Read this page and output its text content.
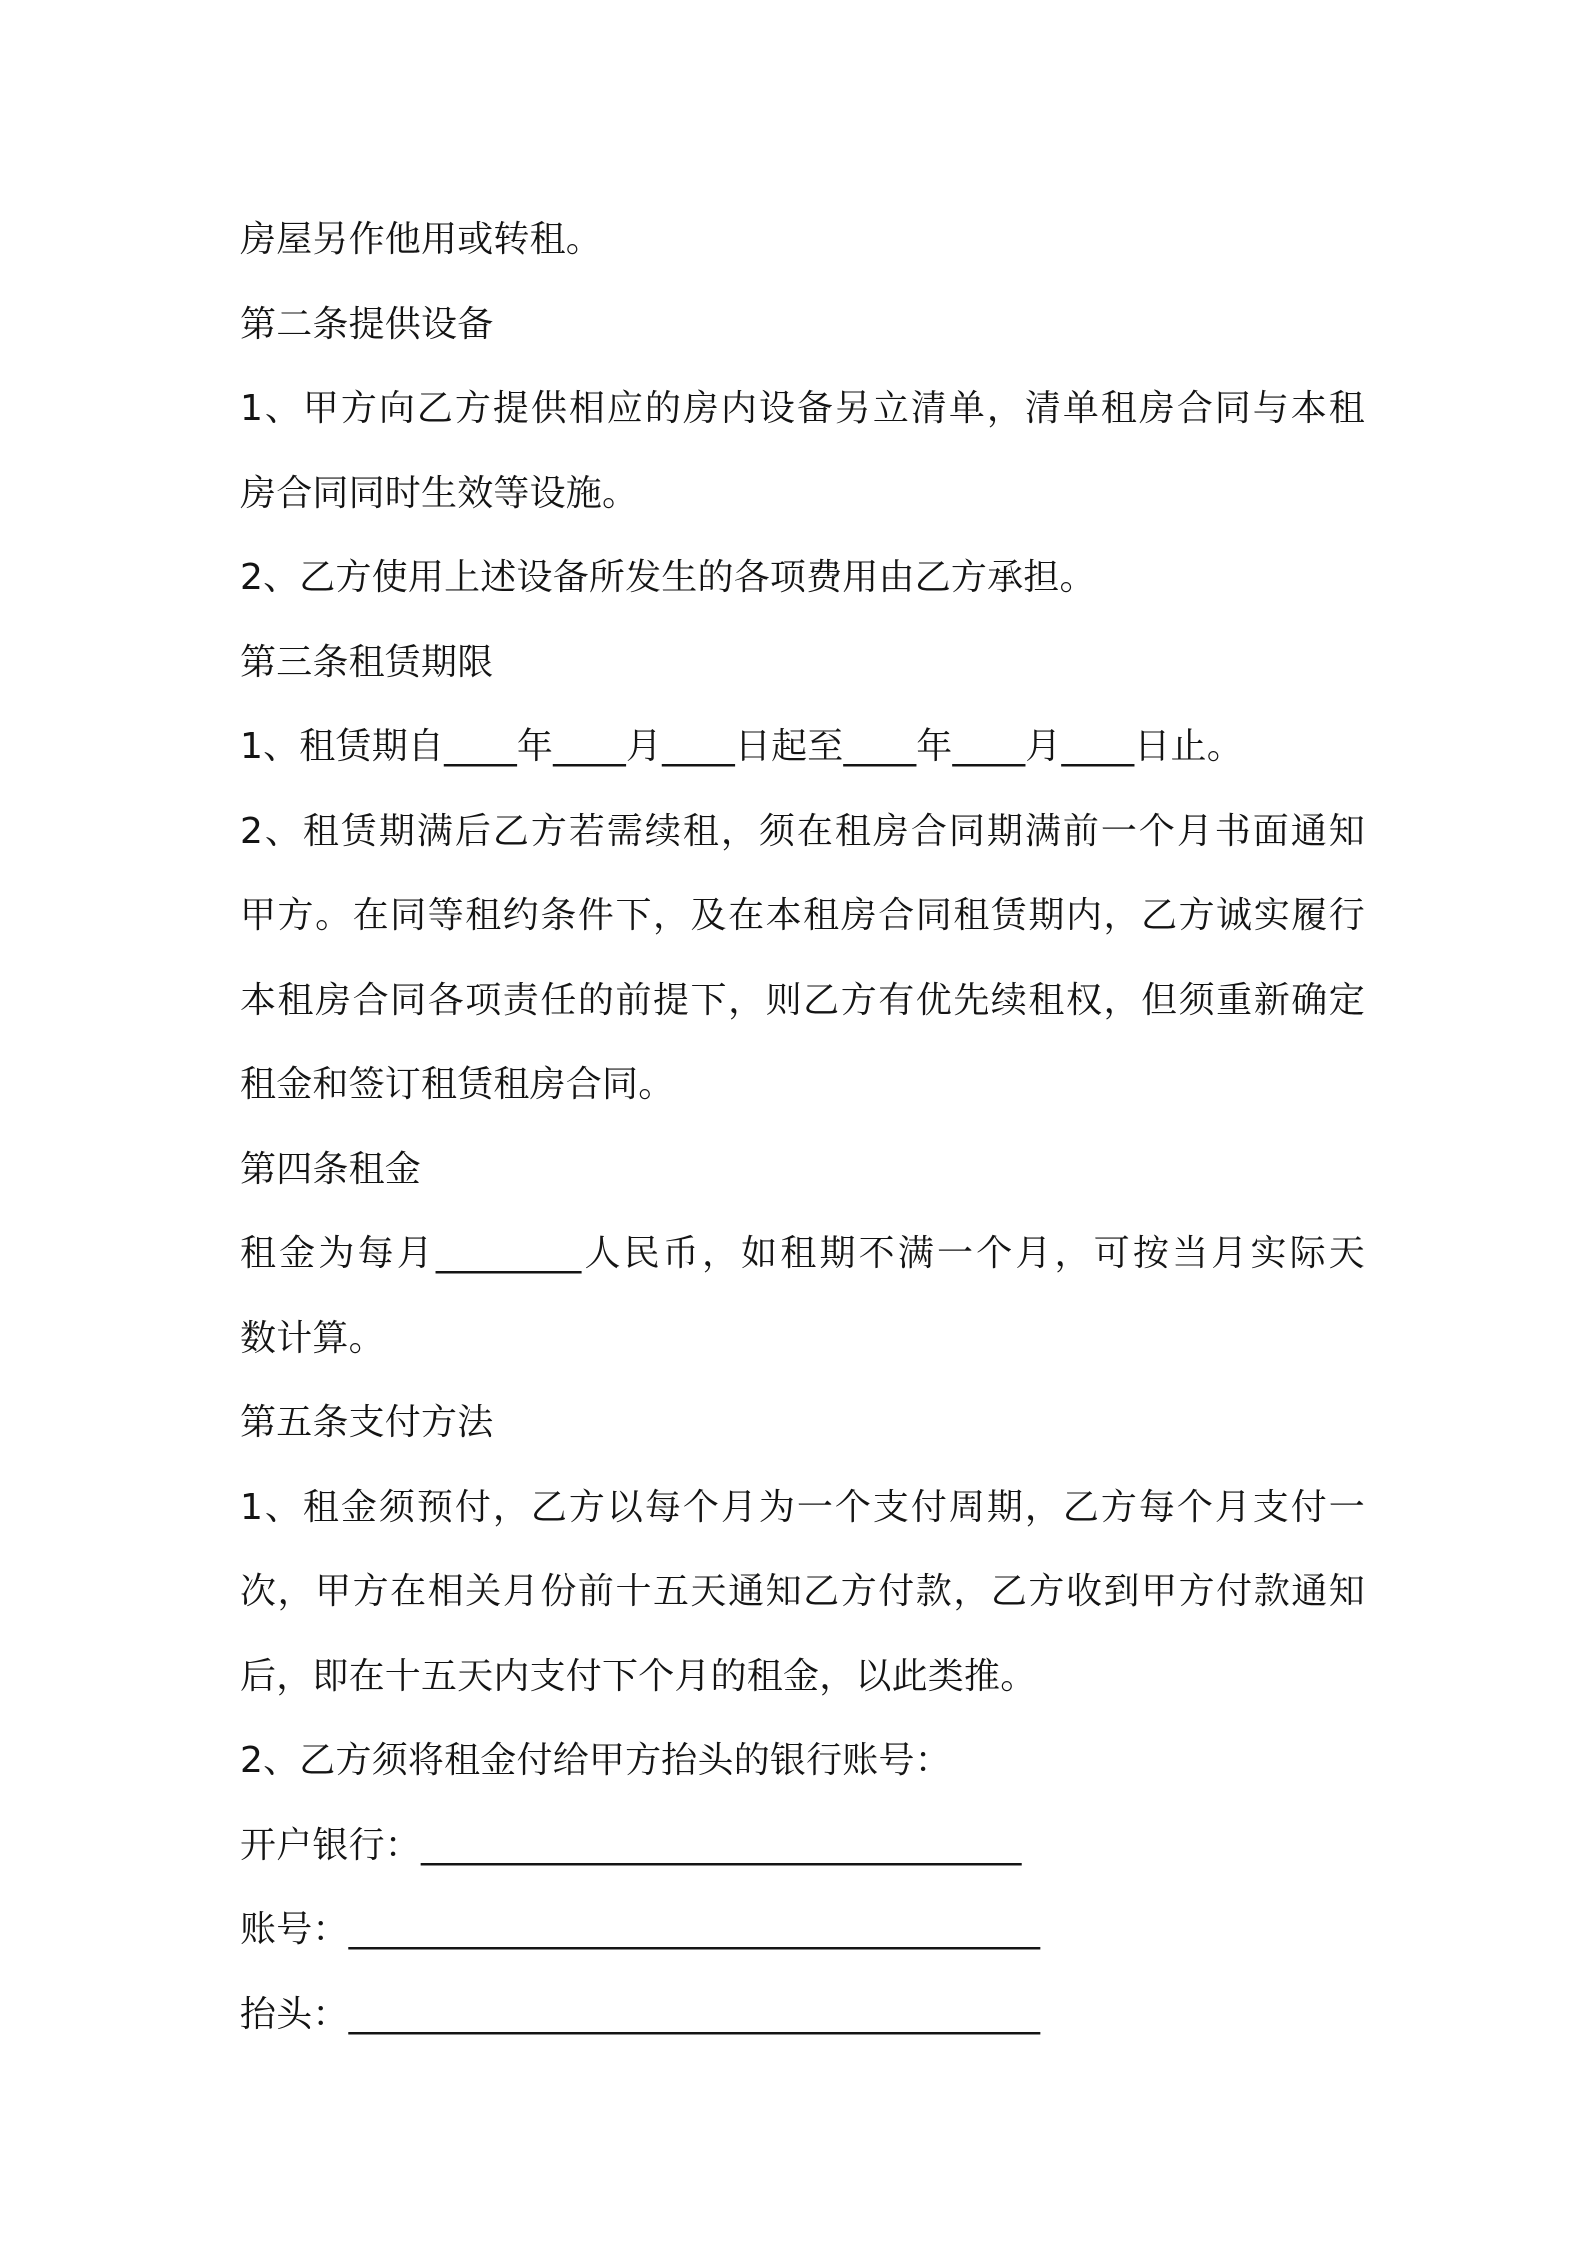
房屋另作他用或转租。
第二条提供设备
1、甲方向乙方提供相应的房内设备另立清单，清单租房合同与本租
房合同同时生效等设施。
2、乙方使用上述设备所发生的各项费用由乙方承担。
第三条租赁期限
1、租赁期自____年____月____日起至____年____月____日止。
2、租赁期满后乙方若需续租，须在租房合同期满前一个月书面通知
甲方。在同等租约条件下，及在本租房合同租赁期内，乙方诚实履行
本租房合同各项责任的前提下，则乙方有优先续租权，但须重新确定
租金和签订租赁租房合同。
第四条租金
租金为每月________人民币，如租期不满一个月，可按当月实际天
数计算。
第五条支付方法
1、租金须预付，乙方以每个月为一个支付周期，乙方每个月支付一
次，甲方在相关月份前十五天通知乙方付款，乙方收到甲方付款通知
后，即在十五天内支付下个月的租金，以此类推。
2、乙方须将租金付给甲方抬头的银行账号：
开户银行：_________________________________
账号：______________________________________
抬头：______________________________________
